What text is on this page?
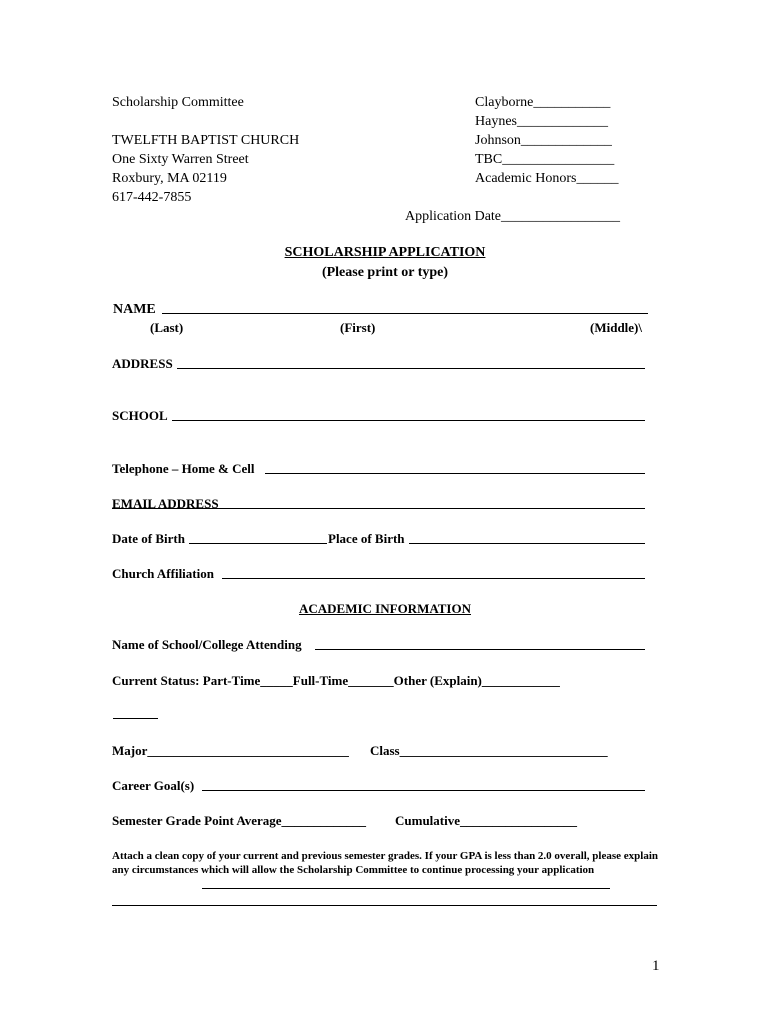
Scholarship Committee
TWELFTH BAPTIST CHURCH
One Sixty Warren Street
Roxbury, MA 02119
617-442-7855
Clayborne___________
Haynes_____________
Johnson_____________
TBC________________
Academic Honors______
Application Date_________________
SCHOLARSHIP APPLICATION
(Please print or type)
NAME
(Last)	(First)	(Middle)\
ADDRESS
SCHOOL
Telephone – Home & Cell
EMAIL ADDRESS
Date of Birth	Place of Birth
Church Affiliation
ACADEMIC INFORMATION
Name of School/College Attending
Current Status: Part-Time_____Full-Time_______Other (Explain)____________
Major_______________________________ Class________________________________
Career Goal(s)
Semester Grade Point Average_____________ Cumulative__________________
Attach a clean copy of your current and previous semester grades. If your GPA is less than 2.0 overall, please explain any circumstances which will allow the Scholarship Committee to continue processing your application
1
